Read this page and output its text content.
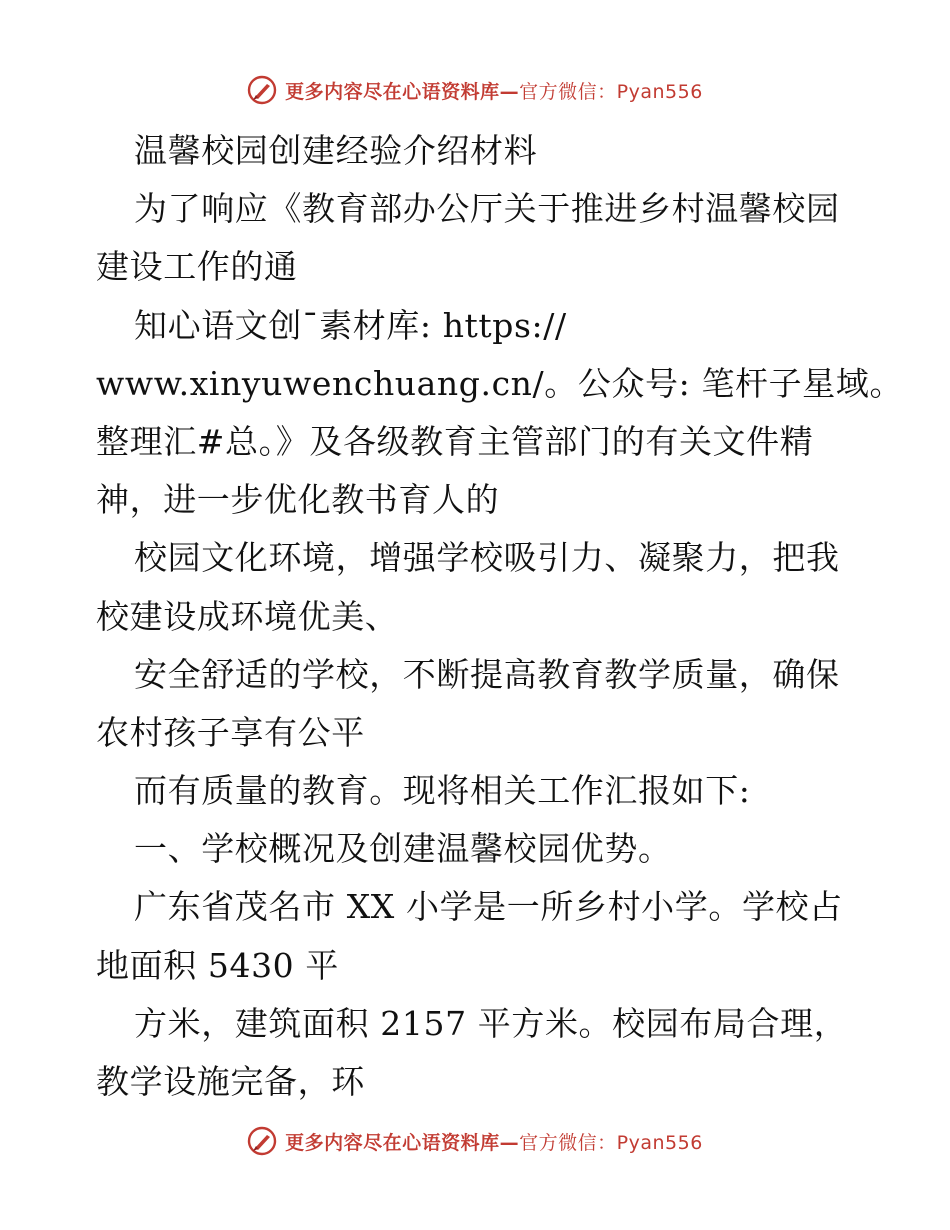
更多内容尽在心语资料库—官方微信：Pyan556
温馨校园创建经验介绍材料
为了响应《教育部办公厅关于推进乡村温馨校园
建设工作的通
知心语文创¯素材库: https://
www.xinyuwenchuang.cn/。公众号: 笔杆子星域。
整理汇#总。》及各级教育主管部门的有关文件精
神，进一步优化教书育人的
校园文化环境，增强学校吸引力、凝聚力，把我
校建设成环境优美、
安全舒适的学校，不断提高教育教学质量，确保
农村孩子享有公平
而有质量的教育。现将相关工作汇报如下:
一、学校概况及创建温馨校园优势。
广东省茂名市 XX 小学是一所乡村小学。学校占
地面积 5430 平
方米，建筑面积 2157 平方米。校园布局合理，
教学设施完备，环
更多内容尽在心语资料库—官方微信：Pyan556
